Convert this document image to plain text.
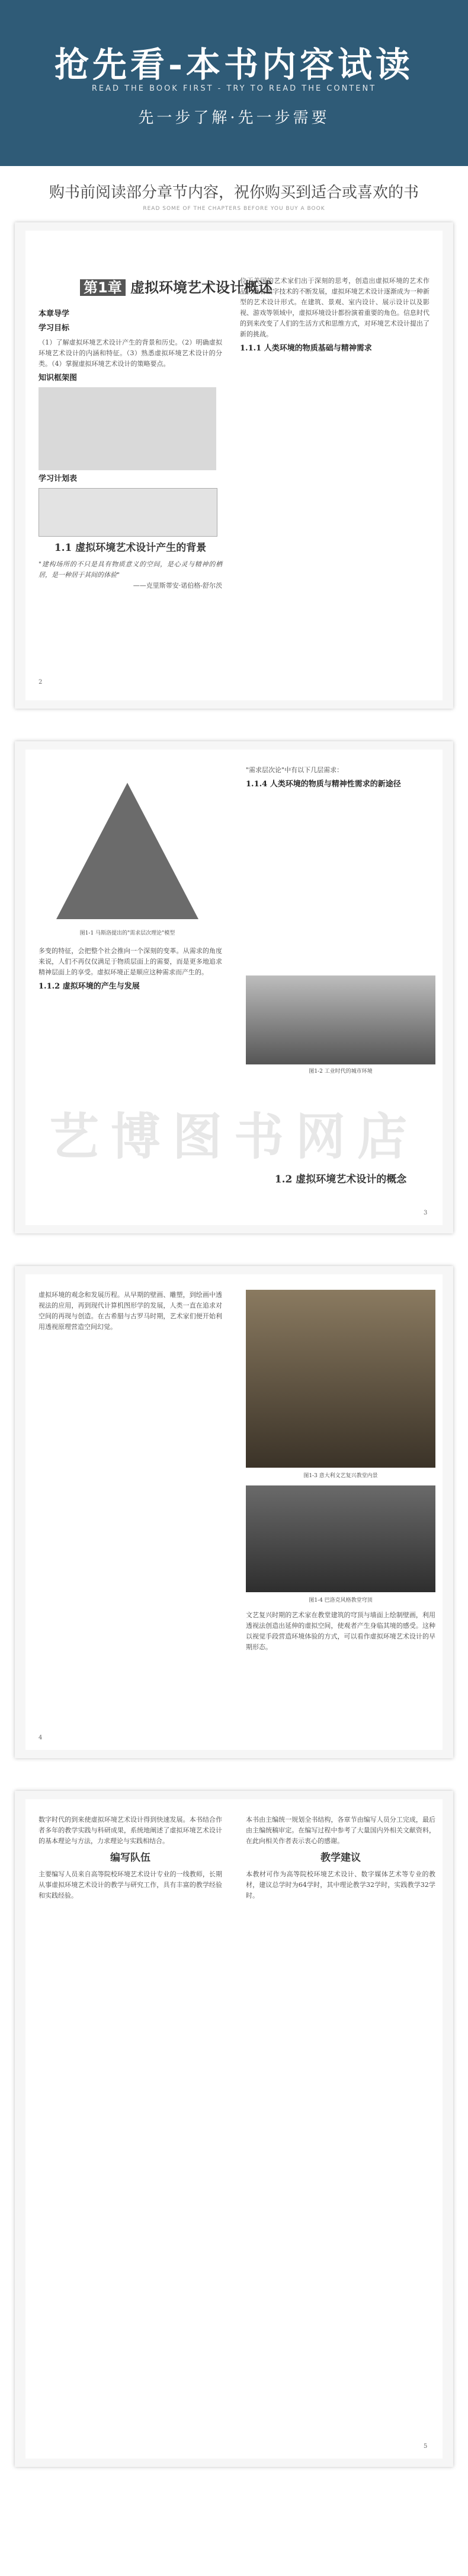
抢先看-本书内容试读
READ THE BOOK FIRST - TRY TO READ THE CONTENT
先一步了解·先一步需要
购书前阅读部分章节内容，祝你购买到适合或喜欢的书
READ SOME OF THE CHAPTERS BEFORE YOU BUY A BOOK
第1章 虚拟环境艺术设计概述
本章导学
学习目标
（1）了解虚拟环境艺术设计产生的背景和历史。（2）明确虚拟环境艺术设计的内涵和特征。（3）熟悉虚拟环境艺术设计的分类。（4）掌握虚拟环境艺术设计的策略要点。
知识框架图
学习计划表
1.1 虚拟环境艺术设计产生的背景
"建构场所的不只是具有物质意义的空间，是心灵与精神的栖居，是一种居于其间的体验"
——克里斯蒂安·诺伯格-舒尔茨
位于美国的艺术家们出于深刻的思考，创造出虚拟环境的艺术作品。随着数字技术的不断发展，虚拟环境艺术设计逐渐成为一种新型的艺术设计形式。在建筑、景观、室内设计、展示设计以及影视、游戏等领域中，虚拟环境设计都扮演着重要的角色。信息时代的到来改变了人们的生活方式和思维方式，对环境艺术设计提出了新的挑战。
1.1.1 人类环境的物质基础与精神需求
2
图1-1 马斯洛提出的"需求层次理论"模型
多变的特征，会把整个社会推向一个深刻的变革。从需求的角度来说，人们不再仅仅满足于物质层面上的需要，而是更多地追求精神层面上的享受。虚拟环境正是顺应这种需求而产生的。
1.1.2 虚拟环境的产生与发展
"需求层次论"中有以下几层需求：
1.1.4 人类环境的物质与精神性需求的新途径
图1-2 工业时代的城市环境
1.2 虚拟环境艺术设计的概念
3
虚拟环境的观念和发展历程。从早期的壁画、雕塑，到绘画中透视法的应用，再到现代计算机图形学的发展，人类一直在追求对空间的再现与创造。在古希腊与古罗马时期，艺术家们便开始利用透视原理营造空间幻觉。
图1-3 意大利文艺复兴教堂内景
图1-4 巴洛克风格教堂穹顶
文艺复兴时期的艺术家在教堂建筑的穹顶与墙面上绘制壁画，利用透视法创造出延伸的虚拟空间，使观者产生身临其境的感受。这种以视觉手段营造环境体验的方式，可以看作虚拟环境艺术设计的早期形态。
4
数字时代的到来使虚拟环境艺术设计得到快速发展。本书结合作者多年的教学实践与科研成果，系统地阐述了虚拟环境艺术设计的基本理论与方法，力求理论与实践相结合。
编写队伍
主要编写人员来自高等院校环境艺术设计专业的一线教师，长期从事虚拟环境艺术设计的教学与研究工作，具有丰富的教学经验和实践经验。
本书由主编统一规划全书结构，各章节由编写人员分工完成，最后由主编统稿审定。在编写过程中参考了大量国内外相关文献资料，在此向相关作者表示衷心的感谢。
教学建议
本教材可作为高等院校环境艺术设计、数字媒体艺术等专业的教材，建议总学时为64学时，其中理论教学32学时，实践教学32学时。
5
